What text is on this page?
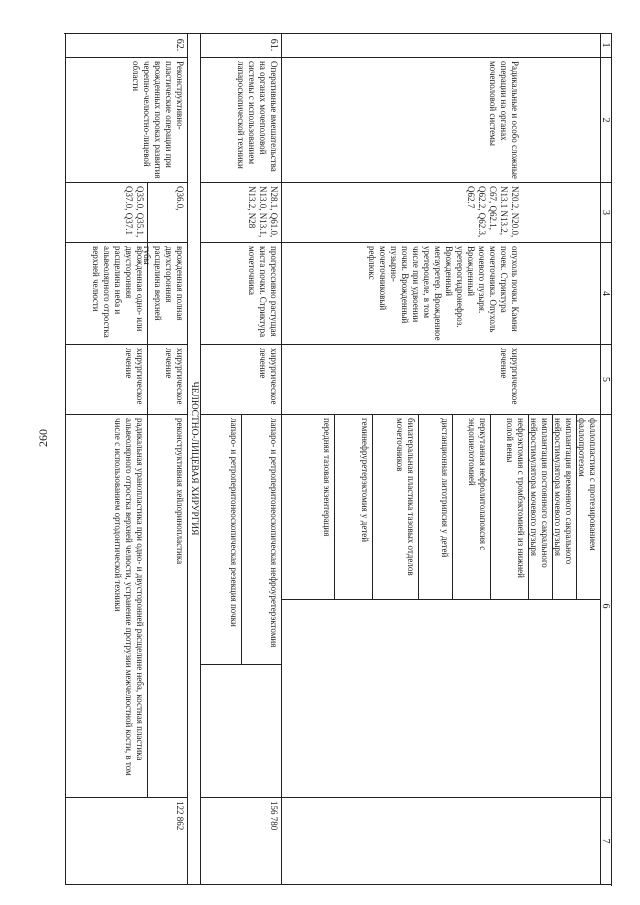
260
1
2
3
4
5
6
7
Радикальные и особо сложные операции на органах мочеполовой системы
N20.2, N20.0, N13.1 N13.2, C67, Q62.1, Q62.2, Q62.3, Q62.7
опухоль почки. Камни почек. Стриктура мочеточника. Опухоль мочевого пузыря. Врожденный уретерогидронефроз. Врожденный мегауретер. Врожденное уретероцеле, в том числе при удвоении почки. Врожденный пузырно-мочеточниковый рефлюкс
хирургическое лечение
фаллопластика с протезированием фаллопротезом
имплантация временного сакрального нейростимулятора мочевого пузыря
имплантация постоянного сакрального нейростимулятора мочевого пузыря
нефрэктомия с тромбэктомией из нижней полой вены
перкутанная нефролитолапоксия с эндопиелотомией
дистанционная литотрипсия у детей
билатеральная пластика тазовых отделов мочеточников
геминефруретерэктомия у детей
передняя тазовая экзентерация
61.
Оперативные вмешательства на органах мочеполовой системы с использованием лапароскопической техники
N28.1, Q61.0, N13.0, N13.1, N13.2, N28
прогрессивно растущая киста почки. Стриктура мочеточника
хирургическое лечение
лапаро- и ретроперитонеоскопическая нефроуретерэктомия
лапаро- и ретроперитонеоскопическая резекция почки
156 780
ЧЕЛЮСТНО-ЛИЦЕВАЯ ХИРУРГИЯ
62.
Реконструктивно-пластические операции при врожденных пороках развития черепно-челюстно-лицевой области
Q36.0,
Q35.0, Q35.1, Q37.0, Q37.1
врожденная полная двухсторонняя расщелина верхней губы
врожденная одно- или двусторонняя расщелина неба и альвеолярного отростка верхней челюсти
хирургическое лечение
хирургическое лечение
реконструктивная хейлоринопластика
радикальная уранопластика при одно- и двусторонней расщелине неба, костная пластика альвеолярного отростка верхней челюсти, устранение протрузии межчелюстной кости, в том числе с использованием ортодонтической техники
122 862
